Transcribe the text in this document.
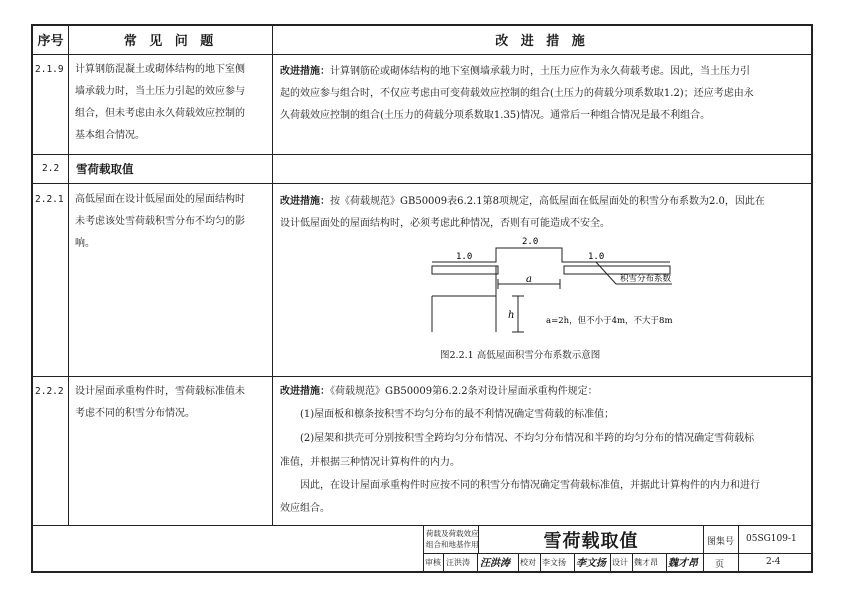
序号	常 见 问 题	改 进 措 施
2.1.9 计算钢筋混凝土或砌体结构的地下室侧
墙承载力时，当土压力引起的效应参与
组合，但未考虑由永久荷载效应控制的
基本组合情况。
改进措施：计算钢筋砼或砌体结构的地下室侧墙承载力时，土压力应作为永久荷载考虑。因此，当土压力引
起的效应参与组合时，不仅应考虑由可变荷载效应控制的组合(土压力的荷载分项系数取1.2)；还应考虑由永
久荷载效应控制的组合(土压力的荷载分项系数取1.35)情况。通常后一种组合情况是最不利组合。
2.2 雪荷载取值
2.2.1 高低屋面在设计低屋面处的屋面结构时
未考虑该处雪荷载积雪分布不均匀的影
响。
改进措施：按《荷载规范》GB50009表6.2.1第8项规定，高低屋面在低屋面处的积雪分布系数为2.0，因此在
设计低屋面处的屋面结构时，必须考虑此种情况，否则有可能造成不安全。
1.0
2.0
1.0
a
h
积雪分布系数
a=2h，但不小于4m，不大于8m
图2.2.1 高低屋面积雪分布系数示意图
2.2.2 设计屋面承重构件时，雪荷载标准值未
考虑不同的积雪分布情况。
改进措施：《荷载规范》GB50009第6.2.2条对设计屋面承重构件规定：
(1)屋面板和檩条按积雪不均匀分布的最不利情况确定雪荷载的标准值；
(2)屋架和拱壳可分别按积雪全跨均匀分布情况、不均匀分布情况和半跨的均匀分布的情况确定雪荷载标
准值，并根据三种情况计算构件的内力。
因此，在设计屋面承重构件时应按不同的积雪分布情况确定雪荷载标准值，并据此计算构件的内力和进行
效应组合。
荷载及荷载效应
组合和地基作用	雪荷载取值	图集号 05SG109-1
审核 汪洪涛 汪洪涛 校对 李文扬 李文扬 设计 魏才昂 魏才昂 页	2-4
